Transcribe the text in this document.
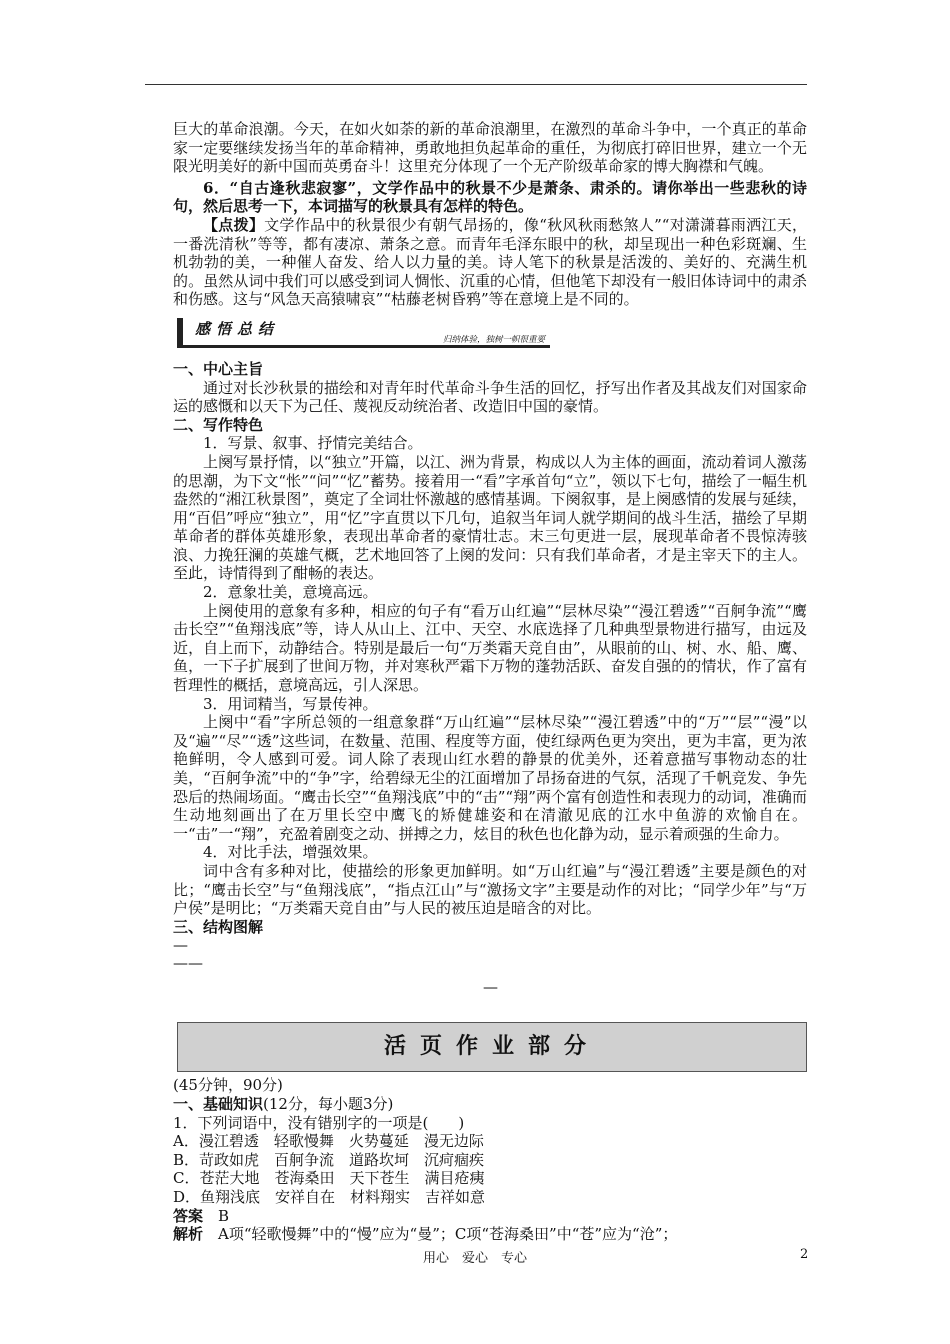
巨大的革命浪潮。今天，在如火如荼的新的革命浪潮里，在激烈的革命斗争中，一个真正的革命家一定要继续发扬当年的革命精神，勇敢地担负起革命的重任，为彻底打碎旧世界，建立一个无限光明美好的新中国而英勇奋斗！这里充分体现了一个无产阶级革命家的博大胸襟和气魄。

6．“自古逢秋悲寂寥”，文学作品中的秋景不少是萧条、肃杀的。请你举出一些悲秋的诗句，然后思考一下，本词描写的秋景具有怎样的特色。

【点拨】文学作品中的秋景很少有朝气昂扬的，像“秋风秋雨愁煞人”“对潇潇暮雨洒江天，一番洗清秋”等等，都有凄凉、萧条之意。而青年毛泽东眼中的秋，却呈现出一种色彩斑斓、生机勃勃的美，一种催人奋发、给人以力量的美。诗人笔下的秋景是活泼的、美好的、充满生机的。虽然从词中我们可以感受到词人惆怅、沉重的心情，但他笔下却没有一般旧体诗词中的肃杀和伤感。这与“风急天高猿啸哀”“枯藤老树昏鸦”等在意境上是不同的。

感悟总结
归纳体验，独树一帜很重要

一、中心主旨

通过对长沙秋景的描绘和对青年时代革命斗争生活的回忆，抒写出作者及其战友们对国家命运的感慨和以天下为己任、蔑视反动统治者、改造旧中国的豪情。

二、写作特色

1．写景、叙事、抒情完美结合。

上阕写景抒情，以“独立”开篇，以江、洲为背景，构成以人为主体的画面，流动着词人激荡的思潮，为下文“怅”“问”“忆”蓄势。接着用一“看”字承首句“立”，领以下七句，描绘了一幅生机盎然的“湘江秋景图”，奠定了全词壮怀激越的感情基调。下阕叙事，是上阕感情的发展与延续，用“百侣”呼应“独立”，用“忆”字直贯以下几句，追叙当年词人就学期间的战斗生活，描绘了早期革命者的群体英雄形象，表现出革命者的豪情壮志。末三句更进一层，展现革命者不畏惊涛骇浪、力挽狂澜的英雄气概，艺术地回答了上阕的发问：只有我们革命者，才是主宰天下的主人。至此，诗情得到了酣畅的表达。

2．意象壮美，意境高远。

上阕使用的意象有多种，相应的句子有“看万山红遍”“层林尽染”“漫江碧透”“百舸争流”“鹰击长空”“鱼翔浅底”等，诗人从山上、江中、天空、水底选择了几种典型景物进行描写，由远及近，自上而下，动静结合。特别是最后一句“万类霜天竞自由”，从眼前的山、树、水、船、鹰、鱼，一下子扩展到了世间万物，并对寒秋严霜下万物的蓬勃活跃、奋发自强的的情状，作了富有哲理性的概括，意境高远，引人深思。

3．用词精当，写景传神。

上阕中“看”字所总领的一组意象群“万山红遍”“层林尽染”“漫江碧透”中的“万”“层”“漫”以及“遍”“尽”“透”这些词，在数量、范围、程度等方面，使红绿两色更为突出，更为丰富，更为浓艳鲜明，令人感到可爱。词人除了表现山红水碧的静景的优美外，还着意描写事物动态的壮美，“百舸争流”中的“争”字，给碧绿无尘的江面增加了昂扬奋进的气氛，活现了千帆竞发、争先恐后的热闹场面。“鹰击长空”“鱼翔浅底”中的“击”“翔”两个富有创造性和表现力的动词，准确而生动地刻画出了在万里长空中鹰飞的矫健雄姿和在清澈见底的江水中鱼游的欢愉自在。一“击”一“翔”，充盈着剧变之动、拼搏之力，炫目的秋色也化静为动，显示着顽强的生命力。

4．对比手法，增强效果。

词中含有多种对比，使描绘的形象更加鲜明。如“万山红遍”与“漫江碧透”主要是颜色的对比；“鹰击长空”与“鱼翔浅底”，“指点江山”与“激扬文字”主要是动作的对比；“同学少年”与“万户侯”是明比；“万类霜天竞自由”与人民的被压迫是暗含的对比。

三、结构图解

—

——

—

活页作业部分

(45分钟，90分)

一、基础知识(12分，每小题3分)

1．下列词语中，没有错别字的一项是(　　)

A．漫江碧透　轻歌慢舞　火势蔓延　漫无边际

B．苛政如虎　百舸争流　道路坎坷　沉疴痼疾

C．苍茫大地　苍海桑田　天下苍生　满目疮痍

D．鱼翔浅底　安祥自在　材料翔实　吉祥如意

答案　 B

解析　 A项“轻歌慢舞”中的“慢”应为“曼”；C项“苍海桑田”中“苍”应为“沧”；

用心　爱心　专心	2
